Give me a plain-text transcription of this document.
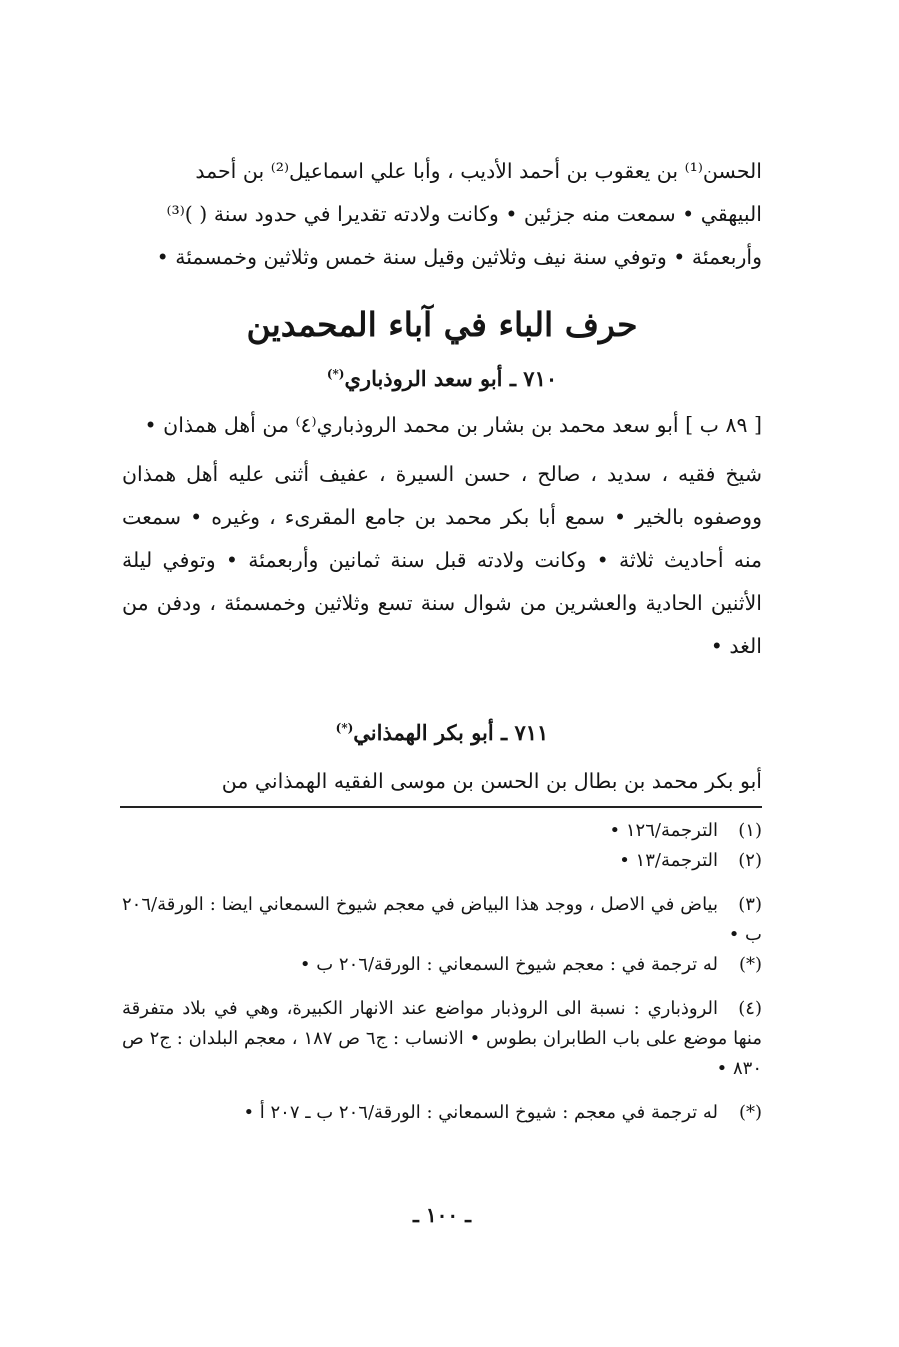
الحسن⁽¹⁾ بن يعقوب بن أحمد الأديب ، وأبا علي اسماعيل⁽²⁾ بن أحمد

البيهقي • سمعت منه جزئين • وكانت ولادته تقديرا في حدود سنة ( )⁽³⁾

وأربعمئة • وتوفي سنة نيف وثلاثين وقيل سنة خمس وثلاثين وخمسمئة •

حرف الباء في آباء المحمدين
٧١٠ ـ أبو سعد الروذباري(*)

[ ٨٩ ب ] أبو سعد محمد بن بشار بن محمد الروذباري⁽٤⁾ من أهل همذان •

شيخ فقيه ، سديد ، صالح ، حسن السيرة ، عفيف أثنى عليه أهل همذان ووصفوه بالخير • سمع أبا بكر محمد بن جامع المقرىء ، وغيره • سمعت منه أحاديث ثلاثة • وكانت ولادته قبل سنة ثمانين وأربعمئة • وتوفي ليلة الأثنين الحادية والعشرين من شوال سنة تسع وثلاثين وخمسمئة ، ودفن من الغد •

٧١١ ـ أبو بكر الهمذاني(*)

أبو بكر محمد بن بطال بن الحسن بن موسى الفقيه الهمذاني من

(١)الترجمة/١٢٦ •

(٢)الترجمة/١٣ •

(٣)بياض في الاصل ، ووجد هذا البياض في معجم شيوخ السمعاني ايضا : الورقة/٢٠٦ ب •

(*)له ترجمة في : معجم شيوخ السمعاني : الورقة/٢٠٦ ب •

(٤)الروذباري : نسبة الى الروذبار مواضع عند الانهار الكبيرة، وهي في بلاد متفرقة منها موضع على باب الطابران بطوس • الانساب : ج٦ ص ١٨٧ ، معجم البلدان : ج٢ ص ٨٣٠ •

(*)له ترجمة في معجم : شيوخ السمعاني : الورقة/٢٠٦ ب ـ ٢٠٧ أ •

ـ ١٠٠ ـ
